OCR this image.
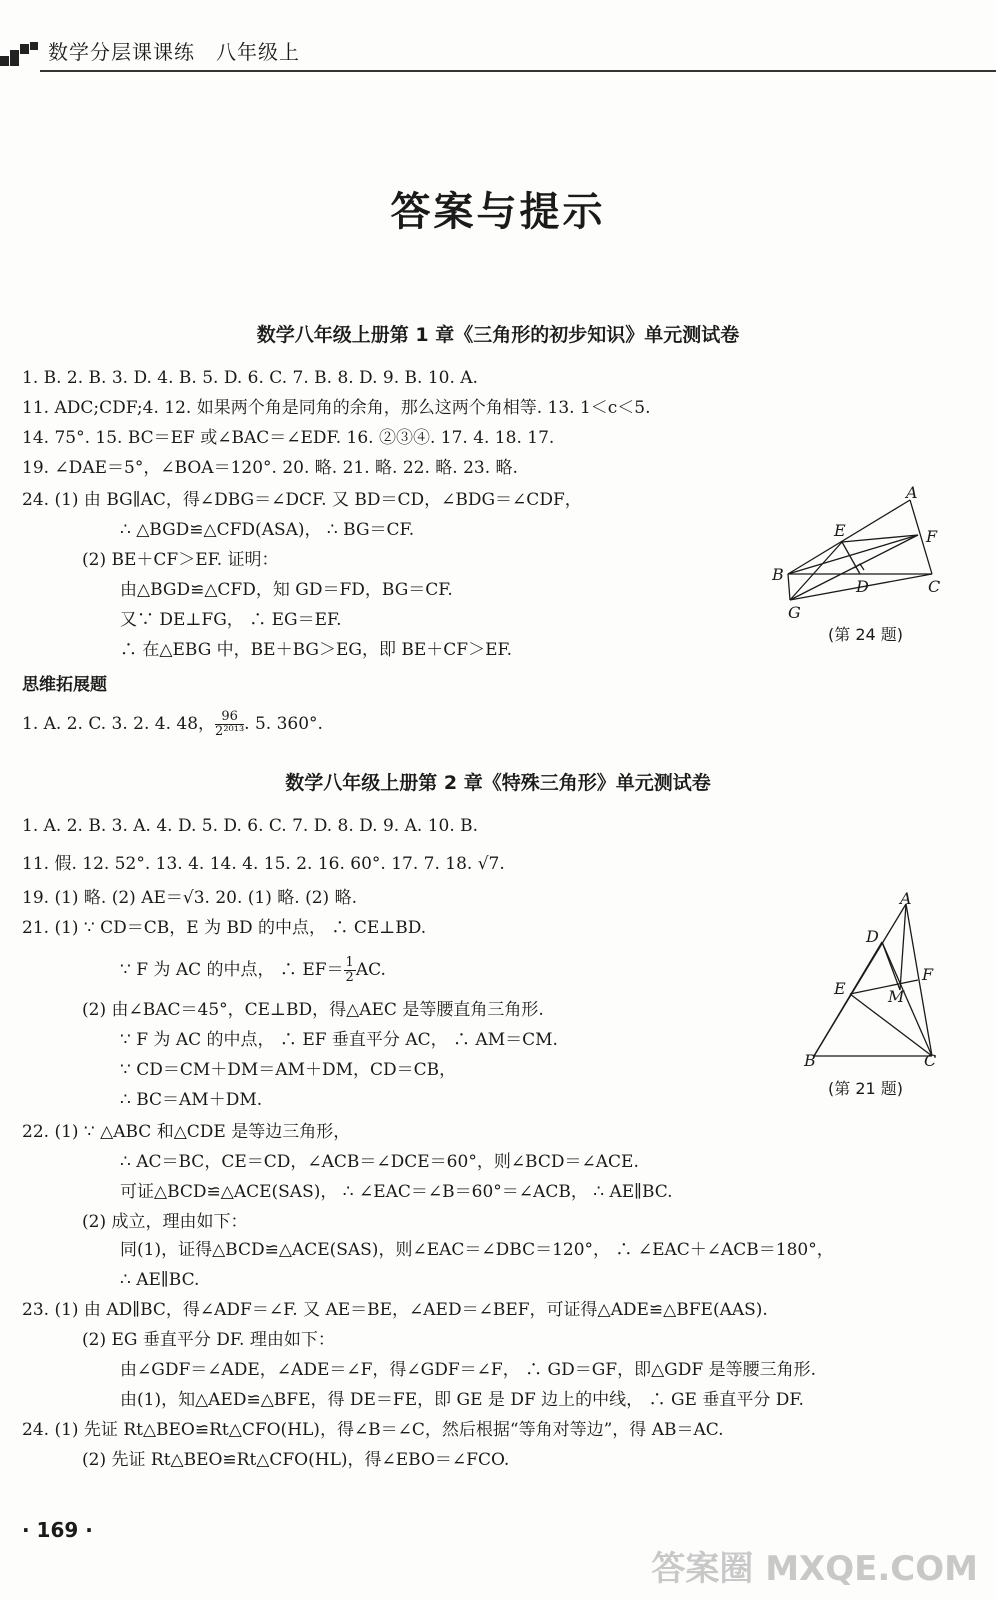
数学分层课课练　八年级上
答案与提示
数学八年级上册第 1 章《三角形的初步知识》单元测试卷
1. B. 2. B. 3. D. 4. B. 5. D. 6. C. 7. B. 8. D. 9. B. 10. A.
11. ADC;CDF;4. 12. 如果两个角是同角的余角，那么这两个角相等. 13. 1＜c＜5.
14. 75°. 15. BC＝EF 或∠BAC＝∠EDF. 16. ②③④. 17. 4. 18. 17.
19. ∠DAE＝5°，∠BOA＝120°. 20. 略. 21. 略. 22. 略. 23. 略.
24. (1) 由 BG∥AC，得∠DBG＝∠DCF. 又 BD＝CD，∠BDG＝∠CDF，
∴ △BGD≌△CFD(ASA)， ∴ BG＝CF.
(2) BE＋CF＞EF. 证明：
由△BGD≌△CFD，知 GD＝FD，BG＝CF.
又∵ DE⊥FG， ∴ EG＝EF.
∴ 在△EBG 中，BE＋BG＞EG，即 BE＋CF＞EF.
A
B
C
D
E	F
G
(第 24 题)
思维拓展题
1. A. 2. C. 3. 2. 4. 48， $\frac{96}{\text{2²⁰¹³}}$ . 5. 360°.
数学八年级上册第 2 章《特殊三角形》单元测试卷
1. A. 2. B. 3. A. 4. D. 5. D. 6. C. 7. D. 8. D. 9. A. 10. B.
11. 假. 12. 52°. 13. 4. 14. 4. 15. 2. 16. 60°. 17. 7. 18. √7.
19. (1) 略. (2) AE＝√3. 20. (1) 略. (2) 略.
21. (1) ∵ CD＝CB，E 为 BD 的中点， ∴ CE⊥BD.
∵ F 为 AC 的中点， ∴ $EF= \frac{1}{2}$ AC.
(2) 由∠BAC＝45°，CE⊥BD，得△AEC 是等腰直角三角形.
∵ F 为 AC 的中点， ∴ EF 垂直平分 AC， ∴ AM＝CM.
∵ CD＝CM＋DM＝AM＋DM，CD＝CB，
∴ BC＝AM＋DM.
A
B	C
D
E
F
M
(第 21 题)
22. (1) ∵ △ABC 和△CDE 是等边三角形，
∴ AC＝BC，CE＝CD，∠ACB＝∠DCE＝60°，则∠BCD＝∠ACE.
可证△BCD≌△ACE(SAS)， ∴ ∠EAC＝∠B＝60°＝∠ACB， ∴ AE∥BC.
(2) 成立，理由如下：
同(1)，证得△BCD≌△ACE(SAS)，则∠EAC＝∠DBC＝120°， ∴ ∠EAC＋∠ACB＝180°，
∴ AE∥BC.
23. (1) 由 AD∥BC，得∠ADF＝∠F. 又 AE＝BE，∠AED＝∠BEF，可证得△ADE≌△BFE(AAS).
(2) EG 垂直平分 DF. 理由如下：
由∠GDF＝∠ADE，∠ADE＝∠F，得∠GDF＝∠F， ∴ GD＝GF，即△GDF 是等腰三角形.
由(1)，知△AED≌△BFE，得 DE＝FE，即 GE 是 DF 边上的中线， ∴ GE 垂直平分 DF.
24. (1) 先证 Rt△BEO≌Rt△CFO(HL)，得∠B＝∠C，然后根据“等角对等边”，得 AB＝AC.
(2) 先证 Rt△BEO≌Rt△CFO(HL)，得∠EBO＝∠FCO.
· 169 ·
答案圈 MXQE.COM
